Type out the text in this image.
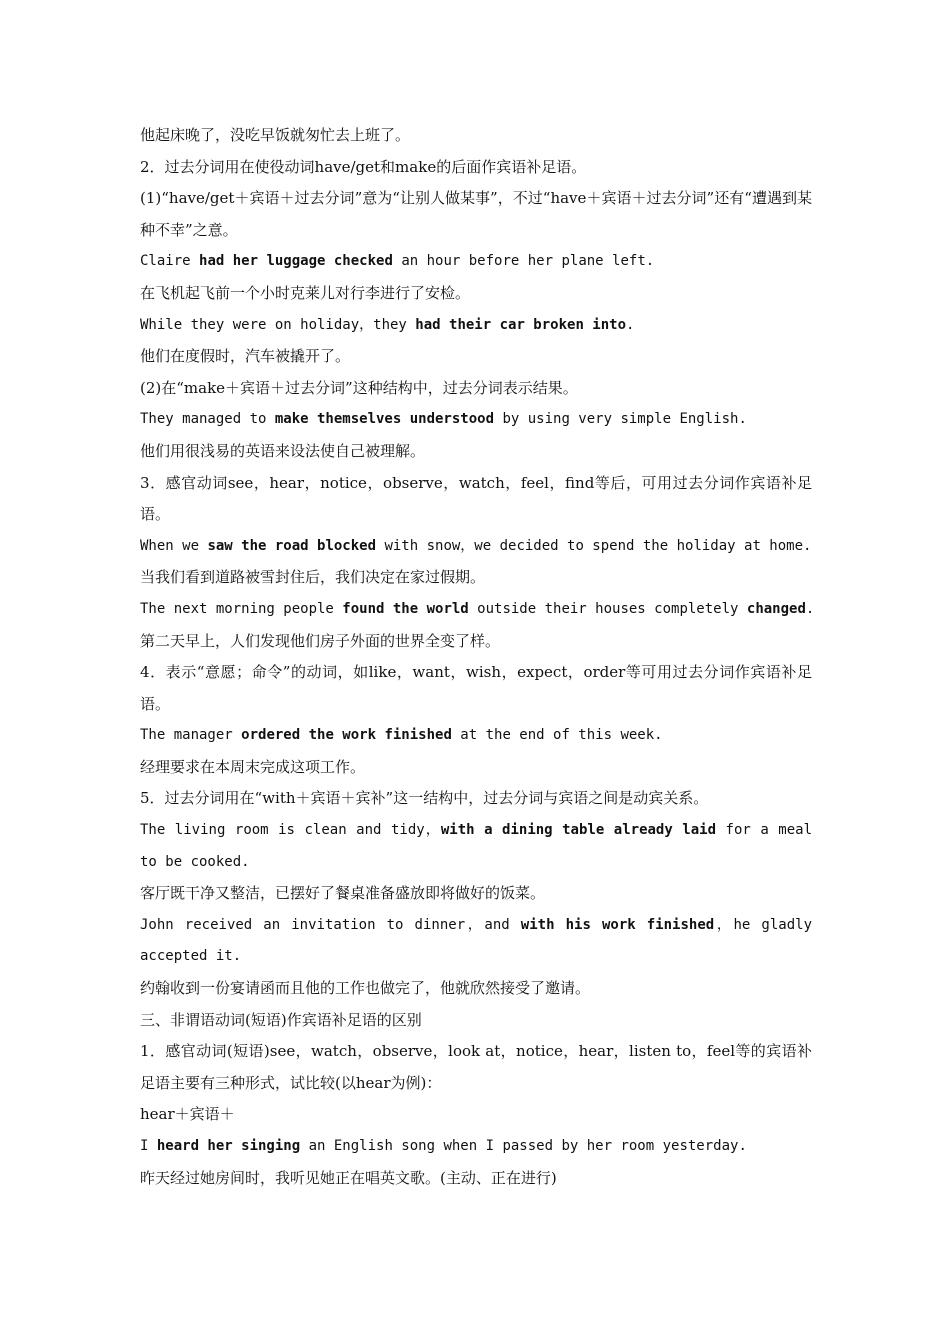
他起床晚了，没吃早饭就匆忙去上班了。

2．过去分词用在使役动词have/get和make的后面作宾语补足语。

(1)“have/get＋宾语＋过去分词”意为“让别人做某事”，不过“have＋宾语＋过去分词”还有“遭遇到某种不幸”之意。

Claire had her luggage checked an hour before her plane left.

在飞机起飞前一个小时克莱儿对行李进行了安检。

While they were on holiday，they had their car broken into.

他们在度假时，汽车被撬开了。

(2)在“make＋宾语＋过去分词”这种结构中，过去分词表示结果。

They managed to make themselves understood by using very simple English.

他们用很浅易的英语来设法使自己被理解。

3．感官动词see，hear，notice，observe，watch，feel，find等后，可用过去分词作宾语补足语。

When we saw the road blocked with snow，we decided to spend the holiday at home.

当我们看到道路被雪封住后，我们决定在家过假期。

The next morning people found the world outside their houses completely changed.

第二天早上，人们发现他们房子外面的世界全变了样。

4．表示“意愿；命令”的动词，如like，want，wish，expect，order等可用过去分词作宾语补足语。

The manager ordered the work finished at the end of this week.

经理要求在本周末完成这项工作。

5．过去分词用在“with＋宾语＋宾补”这一结构中，过去分词与宾语之间是动宾关系。

The living room is clean and tidy，with a dining table already laid for a meal to be cooked.

客厅既干净又整洁，已摆好了餐桌准备盛放即将做好的饭菜。

John received an invitation to dinner，and with his work finished，he gladly accepted it.

约翰收到一份宴请函而且他的工作也做完了，他就欣然接受了邀请。

三、非谓语动词(短语)作宾语补足语的区别

1．感官动词(短语)see，watch，observe，look at，notice，hear，listen to，feel等的宾语补足语主要有三种形式，试比较(以hear为例)：

hear＋宾语＋

I heard her singing an English song when I passed by her room yesterday.

昨天经过她房间时，我听见她正在唱英文歌。(主动、正在进行)
